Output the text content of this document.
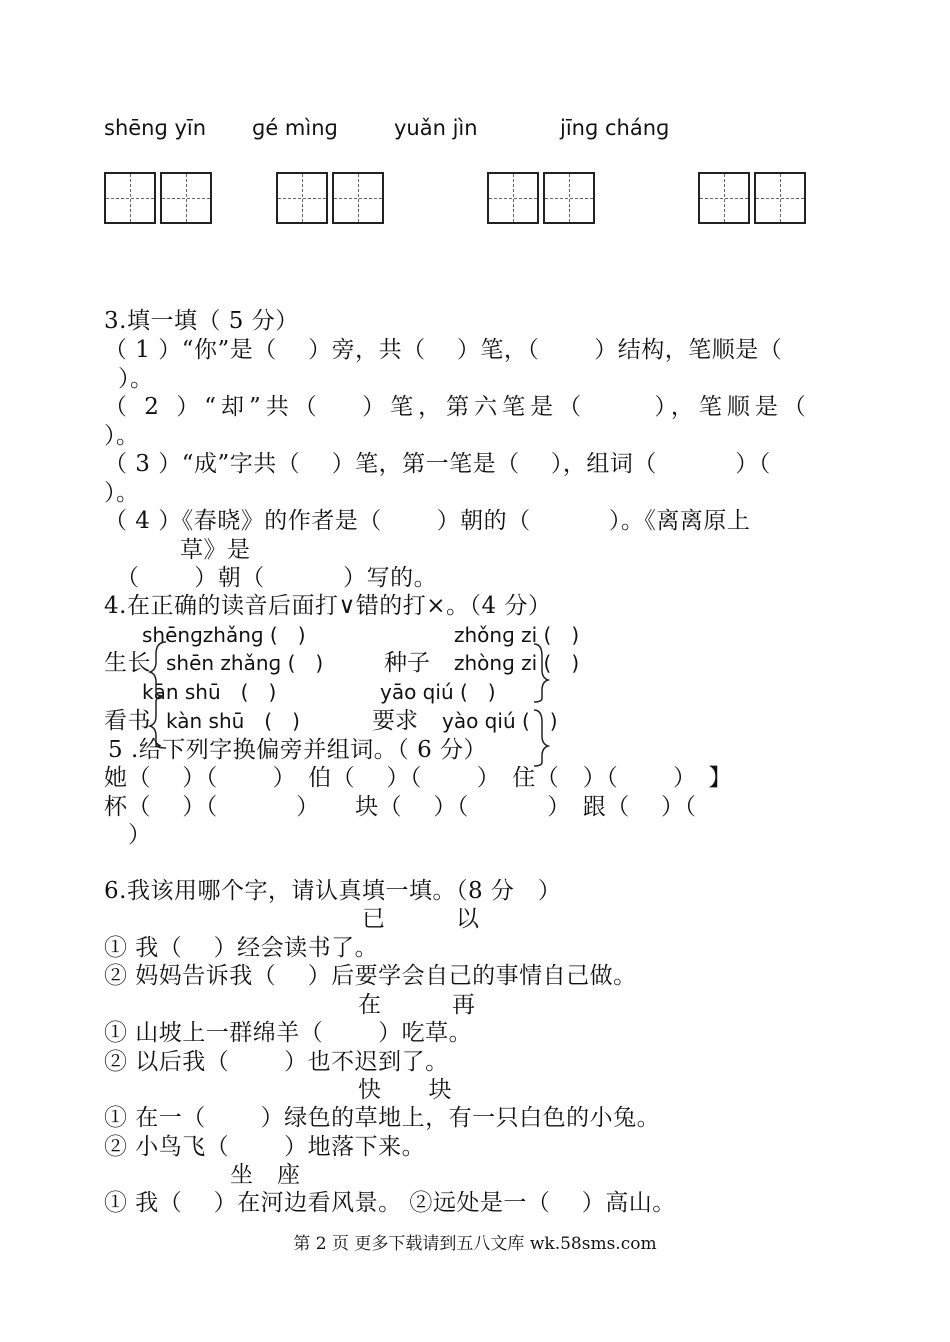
shēnɡ yīn ɡé mìnɡ	yuǎn jìn	jīnɡ chánɡ
3.填一填（ 5 分）
（ 1 ）“你”是（　 ）旁，共（　 ）笔，（　　 ）结构，笔顺是（
）。
（ 2 ）“却”共（　 ）笔，第六笔是（　　 ），笔顺是（
）。
（ 3 ）“成”字共（　 ）笔，第一笔是（　 ），组词（　　　 ）（
）。
（ 4 ）《春晓》的作者是（　　 ）朝的（　　　 ）。《离离原上
草》是
（　　 ）朝（　　　 ）写的。
4.在正确的读音后面打∨错的打×。（4 分）
shēnɡzhǎnɡ (　)	zhǒnɡ zi (　)
生长 shēn zhǎnɡ (　)	种子 zhònɡ zi (　)
kān shū　(　)	yāo qiú (　)
看书 kàn shū　(　)	要求 yào qiú (　)
5 .给下列字换偏旁并组词。（ 6 分）
她（　 ）（　　 ）　伯（　 ）（　　 ）　住（　）（　　 ）　】
杯（　 ）（　　　 ）　　块（　 ）（　　　 ）　跟（　 ）（
）
6.我该用哪个字，请认真填一填。（8 分　）
已　　　以
① 我（　 ）经会读书了。
② 妈妈告诉我（　 ）后要学会自己的事情自己做。
在　　　再
① 山坡上一群绵羊（　　 ）吃草。
② 以后我（　　 ）也不迟到了。
快　　块
① 在一（　　 ）绿色的草地上，有一只白色的小兔。
② 小鸟飞（　　 ）地落下来。
坐　座
① 我（　 ）在河边看风景。 ②远处是一（　 ）高山。
第 2 页 更多下载请到五八文库 wk.58sms.com
